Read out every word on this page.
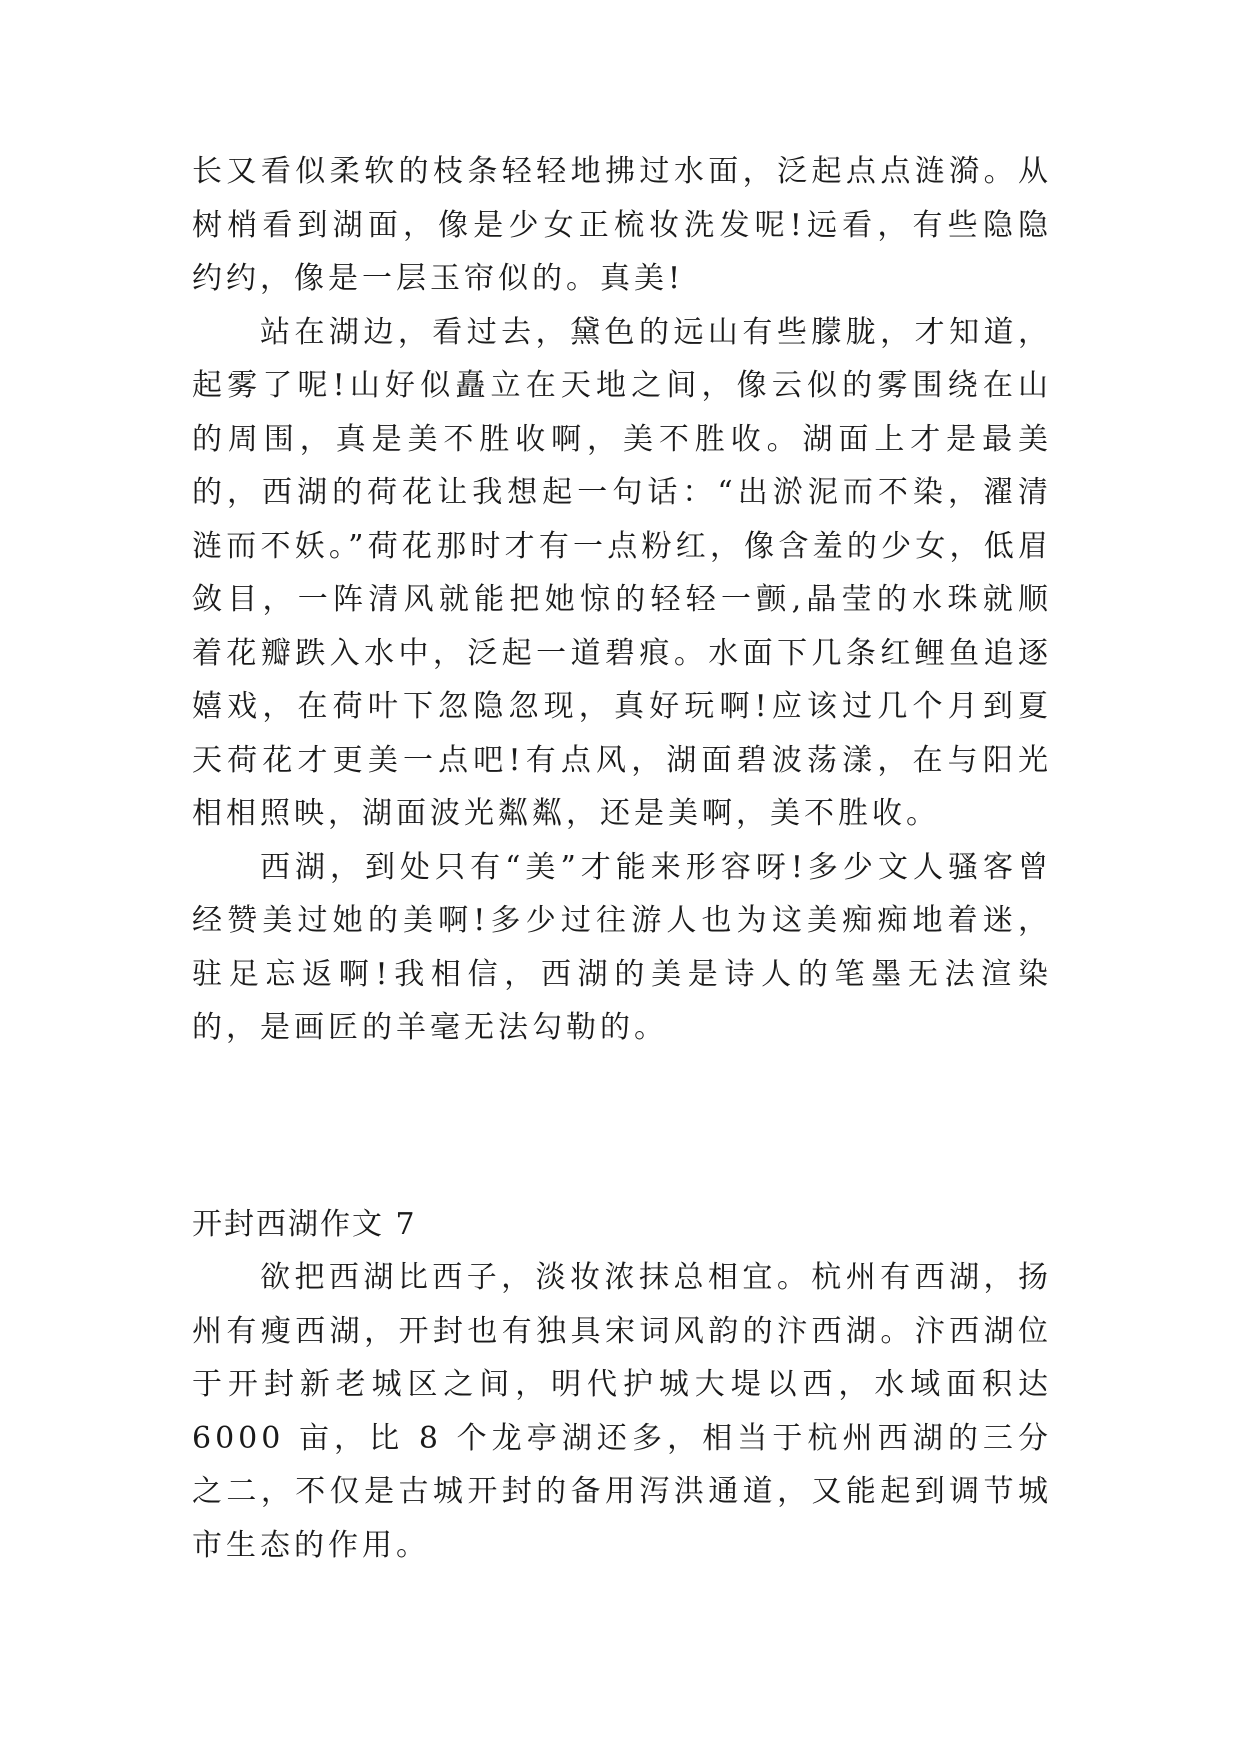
长又看似柔软的枝条轻轻地拂过水面，泛起点点涟漪。从树梢看到湖面，像是少女正梳妆洗发呢!远看，有些隐隐约约，像是一层玉帘似的。真美!

站在湖边，看过去，黛色的远山有些朦胧，才知道，起雾了呢!山好似矗立在天地之间，像云似的雾围绕在山的周围，真是美不胜收啊，美不胜收。湖面上才是最美的，西湖的荷花让我想起一句话：“出淤泥而不染，濯清涟而不妖。”荷花那时才有一点粉红，像含羞的少女，低眉敛目，一阵清风就能把她惊的轻轻一颤,晶莹的水珠就顺着花瓣跌入水中，泛起一道碧痕。水面下几条红鲤鱼追逐嬉戏，在荷叶下忽隐忽现，真好玩啊!应该过几个月到夏天荷花才更美一点吧!有点风，湖面碧波荡漾，在与阳光相相照映，湖面波光粼粼，还是美啊，美不胜收。

西湖，到处只有“美”才能来形容呀!多少文人骚客曾经赞美过她的美啊!多少过往游人也为这美痴痴地着迷，驻足忘返啊!我相信，西湖的美是诗人的笔墨无法渲染的，是画匠的羊毫无法勾勒的。

开封西湖作文 7

欲把西湖比西子，淡妆浓抹总相宜。杭州有西湖，扬州有瘦西湖，开封也有独具宋词风韵的汴西湖。汴西湖位于开封新老城区之间，明代护城大堤以西，水域面积达 6000 亩，比 8 个龙亭湖还多，相当于杭州西湖的三分之二，不仅是古城开封的备用泻洪通道，又能起到调节城市生态的作用。
